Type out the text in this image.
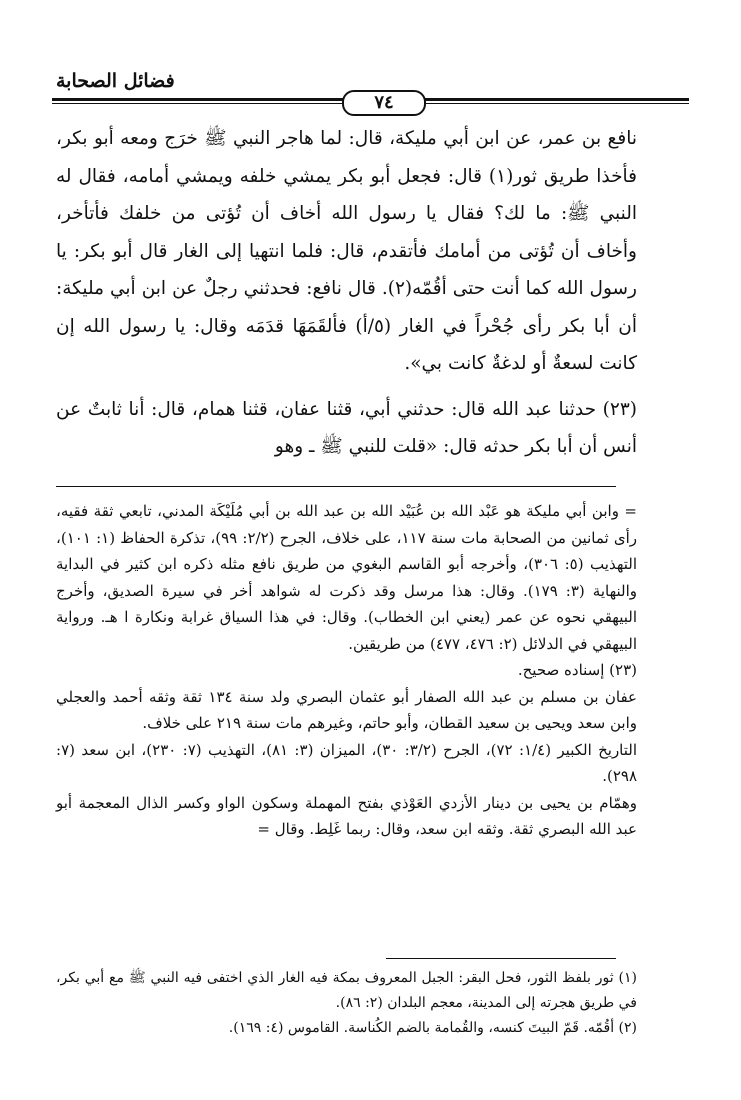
فضائل الصحابة
٧٤

نافع بن عمر، عن ابن أبي مليكة، قال: لما هاجر النبي ﷺ خرَج ومعه أبو بكر، فأخذا طريق ثور(١) قال: فجعل أبو بكر يمشي خلفه ويمشي أمامه، فقال له النبي ﷺ: ما لك؟ فقال يا رسول الله أخاف أن تُؤتى من خلفك فأتأخر، وأخاف أن تُؤتى من أمامك فأتقدم، قال: فلما انتهيا إلى الغار قال أبو بكر: يا رسول الله كما أنت حتى أقُمّه(٢). قال نافع: فحدثني رجلٌ عن ابن أبي مليكة: أن أبا بكر رأى جُحْراً في الغار (٥/أ) فألقَمَهَا قدَمَه وقال: يا رسول الله إن كانت لسعةٌ أو لدغةٌ كانت بي».

(٢٣) حدثنا عبد الله قال: حدثني أبي، قثنا عفان، قثنا همام، قال: أنا ثابتٌ عن أنس أن أبا بكر حدثه قال: «قلت للنبي ﷺ ـ وهو

= وابن أبي مليكة هو عَبْد الله بن عُبَيْد الله بن عبد الله بن أبي مُلَيْكَة المدني، تابعي ثقة فقيه، رأى ثمانين من الصحابة مات سنة ١١٧، على خلاف، الجرح (٢/٢: ٩٩)، تذكرة الحفاظ (١: ١٠١)، التهذيب (٥: ٣٠٦)، وأخرجه أبو القاسم البغوي من طريق نافع مثله ذكره ابن كثير في البداية والنهاية (٣: ١٧٩). وقال: هذا مرسل وقد ذكرت له شواهد أخر في سيرة الصديق، وأخرج البيهقي نحوه عن عمر (يعني ابن الخطاب). وقال: في هذا السياق غرابة ونكارة ا هـ. ورواية البيهقي في الدلائل (٢: ٤٧٦، ٤٧٧) من طريقين.

(٢٣) إسناده صحيح.

عفان بن مسلم بن عبد الله الصفار أبو عثمان البصري ولد سنة ١٣٤ ثقة وثقه أحمد والعجلي وابن سعد ويحيى بن سعيد القطان، وأبو حاتم، وغيرهم مات سنة ٢١٩ على خلاف.

التاريخ الكبير (١/٤: ٧٢)، الجرح (٣/٢: ٣٠)، الميزان (٣: ٨١)، التهذيب (٧: ٢٣٠)، ابن سعد (٧: ٢٩٨).

وهمّام بن يحيى بن دينار الأزدي العَوْذي بفتح المهملة وسكون الواو وكسر الذال المعجمة أبو عبد الله البصري ثقة. وثقه ابن سعد، وقال: ربما غَلِط. وقال =

(١) ثور بلفظ الثور، فحل البقر: الجبل المعروف بمكة فيه الغار الذي اختفى فيه النبي ﷺ مع أبي بكر، في طريق هجرته إلى المدينة، معجم البلدان (٢: ٨٦).

(٢) أقُمّه. قَمّ البيتَ كنسه، والقُمامة بالضم الكُناسة. القاموس (٤: ١٦٩).
